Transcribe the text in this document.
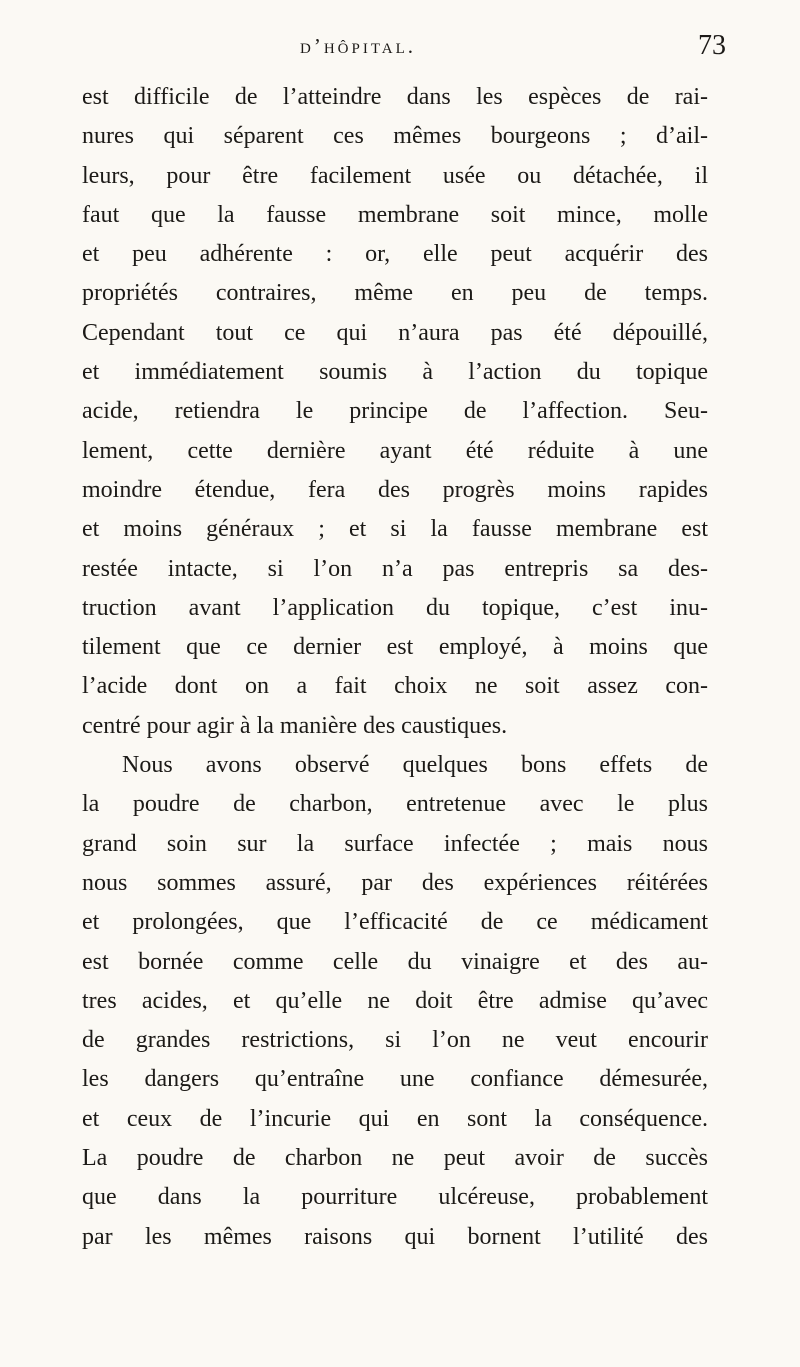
d’hôpital.	73
est difficile de l’atteindre dans les espèces de rai-
nures qui séparent ces mêmes bourgeons ; d’ail-
leurs, pour être facilement usée ou détachée, il
faut que la fausse membrane soit mince, molle
et peu adhérente : or, elle peut acquérir des
propriétés contraires, même en peu de temps.
Cependant tout ce qui n’aura pas été dépouillé,
et immédiatement soumis à l’action du topique
acide, retiendra le principe de l’affection. Seu-
lement, cette dernière ayant été réduite à une
moindre étendue, fera des progrès moins rapides
et moins généraux ; et si la fausse membrane est
restée intacte, si l’on n’a pas entrepris sa des-
truction avant l’application du topique, c’est inu-
tilement que ce dernier est employé, à moins que
l’acide dont on a fait choix ne soit assez con-
centré pour agir à la manière des caustiques.
Nous avons observé quelques bons effets de
la poudre de charbon, entretenue avec le plus
grand soin sur la surface infectée ; mais nous
nous sommes assuré, par des expériences réitérées
et prolongées, que l’efficacité de ce médicament
est bornée comme celle du vinaigre et des au-
tres acides, et qu’elle ne doit être admise qu’avec
de grandes restrictions, si l’on ne veut encourir
les dangers qu’entraîne une confiance démesurée,
et ceux de l’incurie qui en sont la conséquence.
La poudre de charbon ne peut avoir de succès
que dans la pourriture ulcéreuse, probablement
par les mêmes raisons qui bornent l’utilité des
